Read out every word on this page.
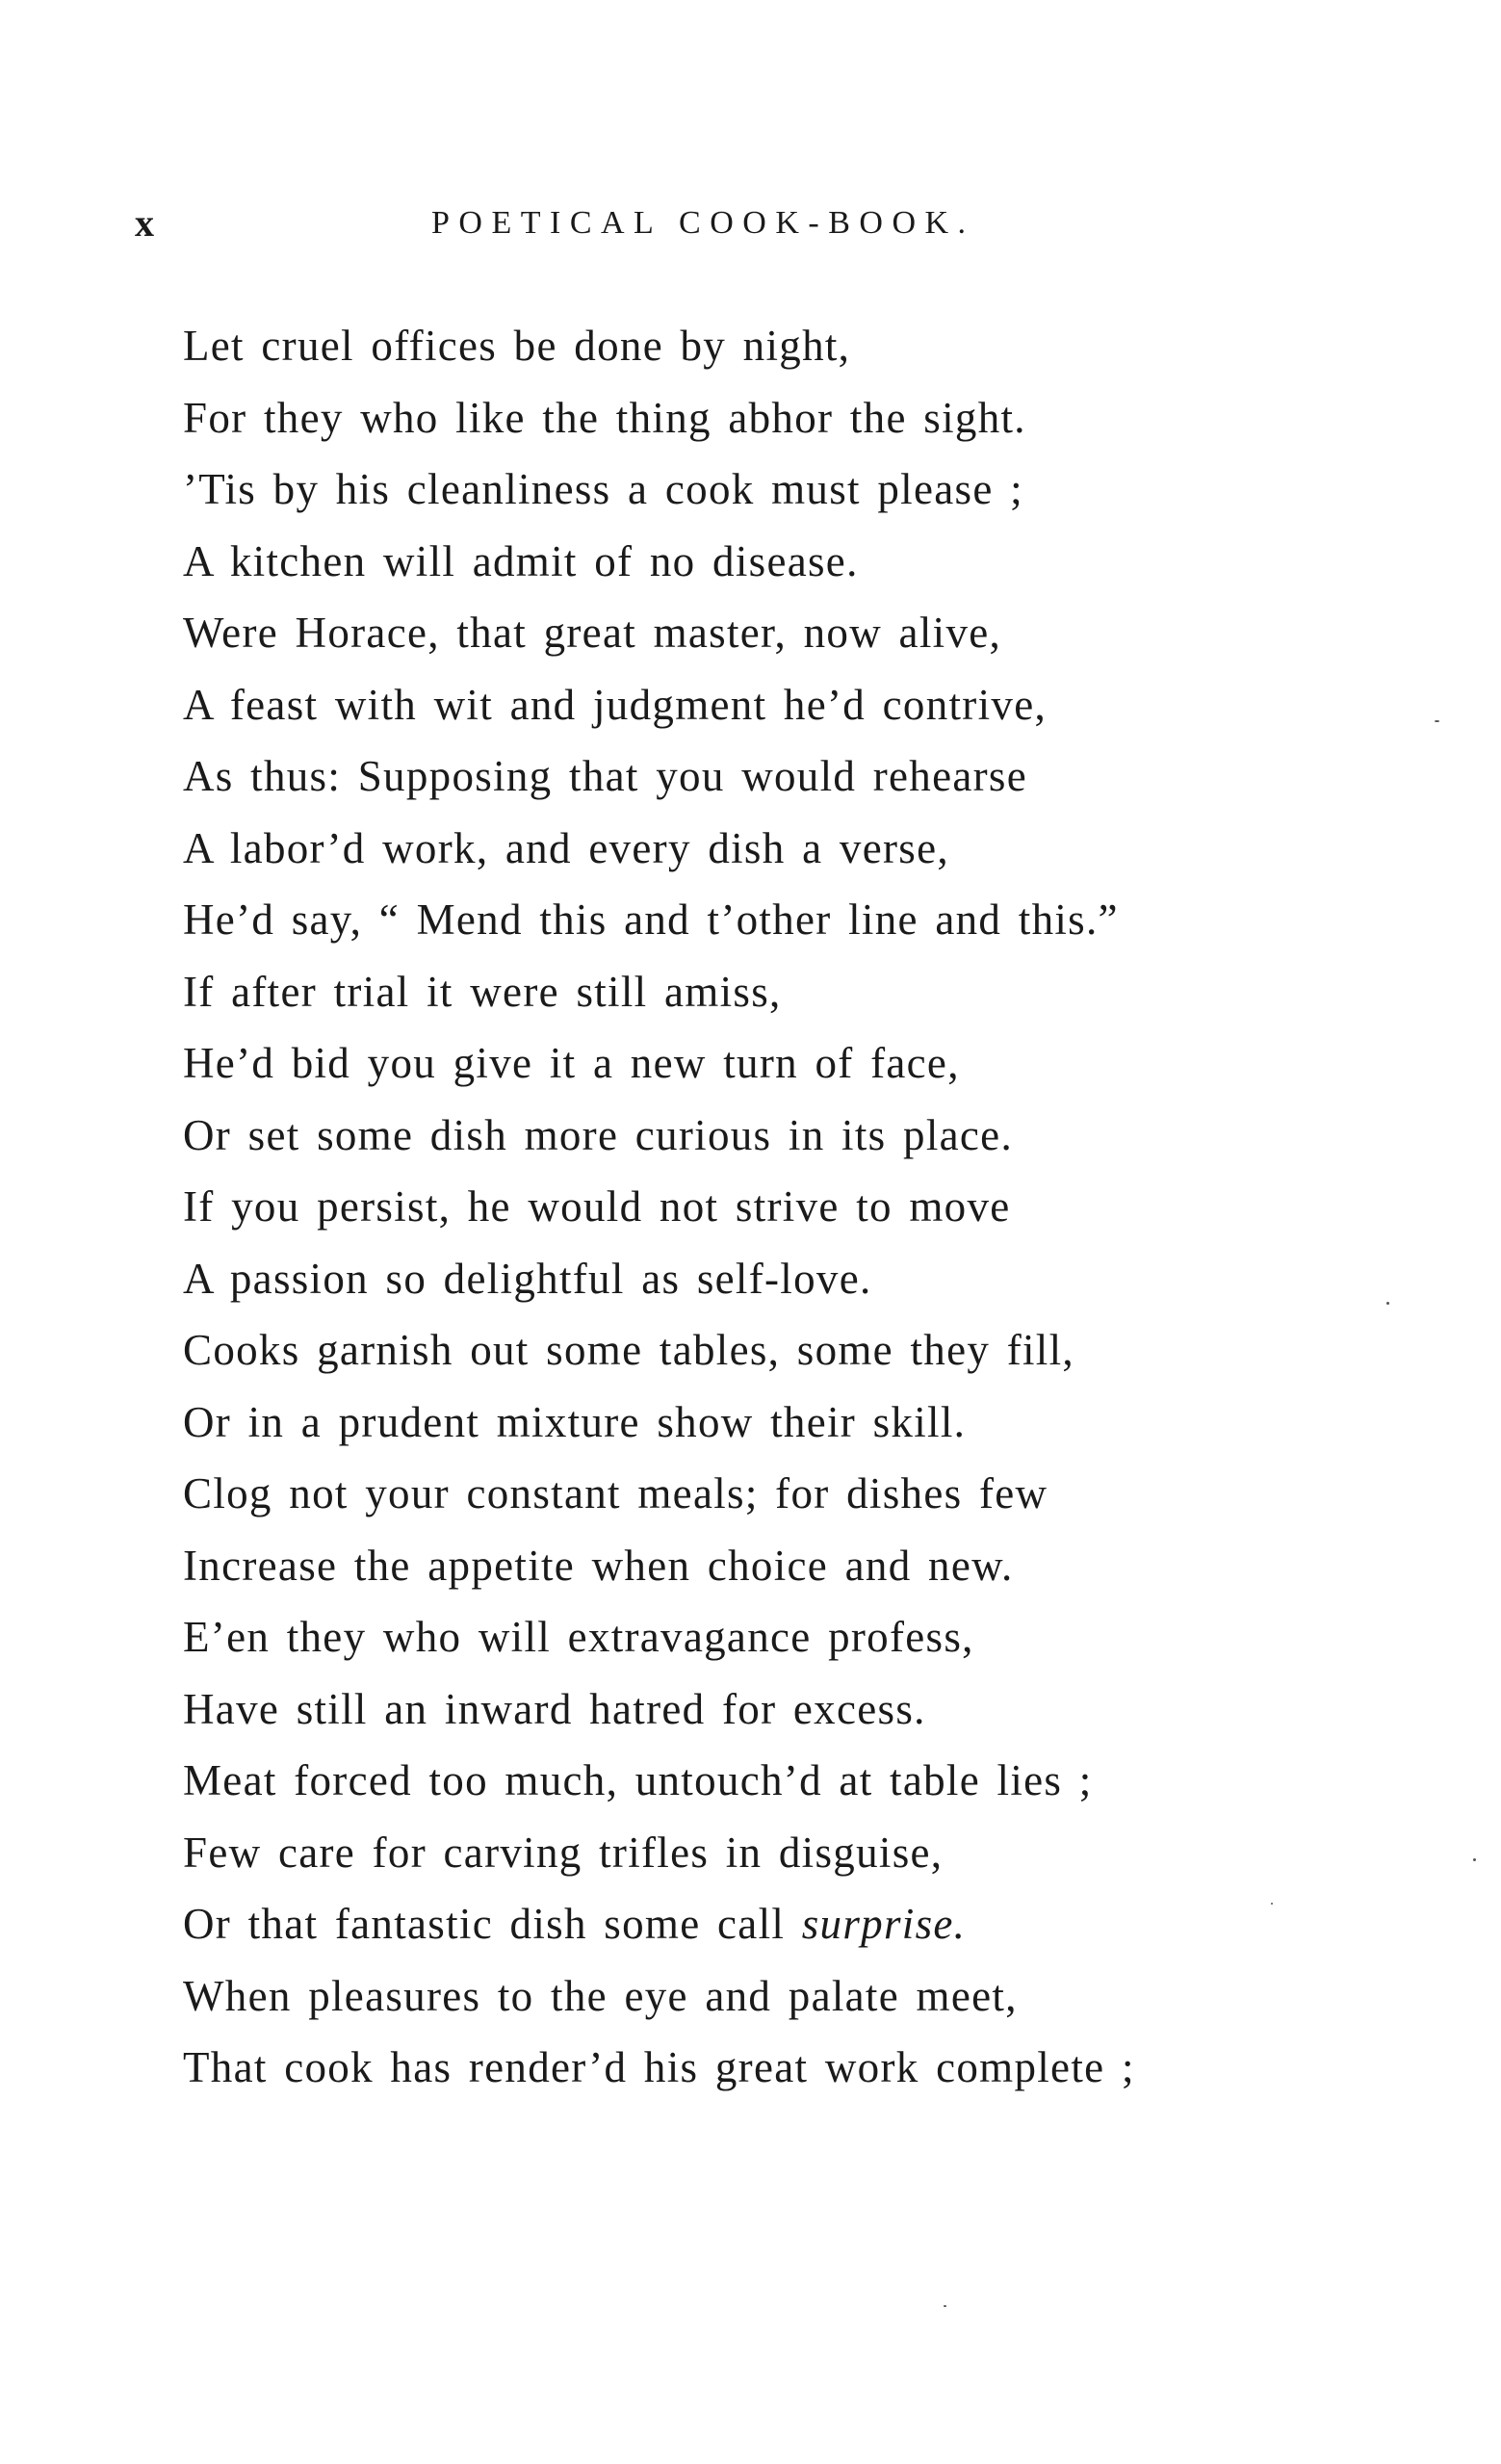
x	POETICAL COOK-BOOK.
Let cruel offices be done by night,
For they who like the thing abhor the sight.
’Tis by his cleanliness a cook must please ;
A kitchen will admit of no disease.
Were Horace, that great master, now alive,
A feast with wit and judgment he’d contrive,
As thus: Supposing that you would rehearse
A labor’d work, and every dish a verse,
He’d say, “ Mend this and t’other line and this.”
If after trial it were still amiss,
He’d bid you give it a new turn of face,
Or set some dish more curious in its place.
If you persist, he would not strive to move
A passion so delightful as self-love.
Cooks garnish out some tables, some they fill,
Or in a prudent mixture show their skill.
Clog not your constant meals; for dishes few
Increase the appetite when choice and new.
E’en they who will extravagance profess,
Have still an inward hatred for excess.
Meat forced too much, untouch’d at table lies ;
Few care for carving trifles in disguise,
Or that fantastic dish some call surprise.
When pleasures to the eye and palate meet,
That cook has render’d his great work complete ;
